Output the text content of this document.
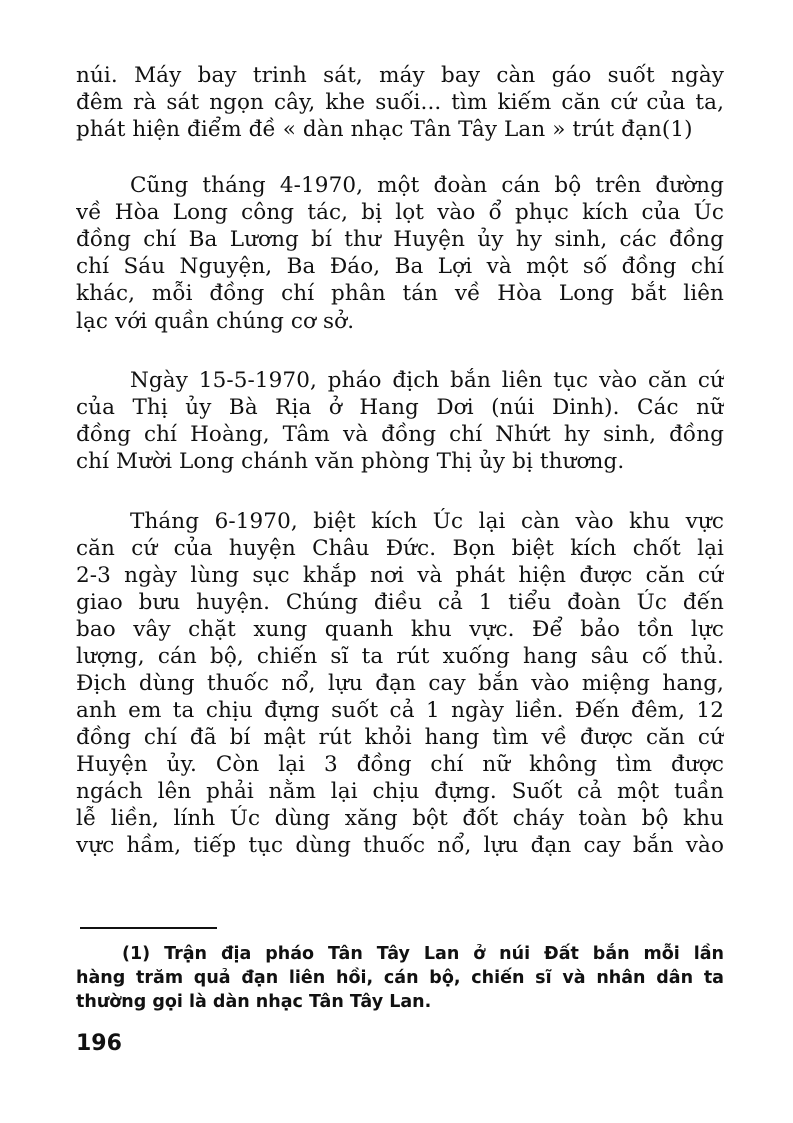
núi. Máy bay trinh sát, máy bay càn gáo suốt ngày
đêm rà sát ngọn cây, khe suối... tìm kiếm căn cứ của ta,
phát hiện điểm đề « dàn nhạc Tân Tây Lan » trút đạn(1)
Cũng tháng 4-1970, một đoàn cán bộ trên đường
về Hòa Long công tác, bị lọt vào ổ phục kích của Úc
đồng chí Ba Lương bí thư Huyện ủy hy sinh, các đồng
chí Sáu Nguyện, Ba Đáo, Ba Lợi và một số đồng chí
khác, mỗi đồng chí phân tán về Hòa Long bắt liên
lạc với quần chúng cơ sở.
Ngày 15-5-1970, pháo địch bắn liên tục vào căn cứ
của Thị ủy Bà Rịa ở Hang Dơi (núi Dinh). Các nữ
đồng chí Hoàng, Tâm và đồng chí Nhứt hy sinh, đồng
chí Mười Long chánh văn phòng Thị ủy bị thương.
Tháng 6-1970, biệt kích Úc lại càn vào khu vực
căn cứ của huyện Châu Đức. Bọn biệt kích chốt lại
2-3 ngày lùng sục khắp nơi và phát hiện được căn cứ
giao bưu huyện. Chúng điều cả 1 tiểu đoàn Úc đến
bao vây chặt xung quanh khu vực. Để bảo tồn lực
lượng, cán bộ, chiến sĩ ta rút xuống hang sâu cố thủ.
Địch dùng thuốc nổ, lựu đạn cay bắn vào miệng hang,
anh em ta chịu đựng suốt cả 1 ngày liền. Đến đêm, 12
đồng chí đã bí mật rút khỏi hang tìm về được căn cứ
Huyện ủy. Còn lại 3 đồng chí nữ không tìm được
ngách lên phải nằm lại chịu đựng. Suốt cả một tuần
lễ liền, lính Úc dùng xăng bột đốt cháy toàn bộ khu
vực hầm, tiếp tục dùng thuốc nổ, lựu đạn cay bắn vào
(1) Trận địa pháo Tân Tây Lan ở núi Đất bắn mỗi lần
hàng trăm quả đạn liên hồi, cán bộ, chiến sĩ và nhân dân ta
thường gọi là dàn nhạc Tân Tây Lan.
196
